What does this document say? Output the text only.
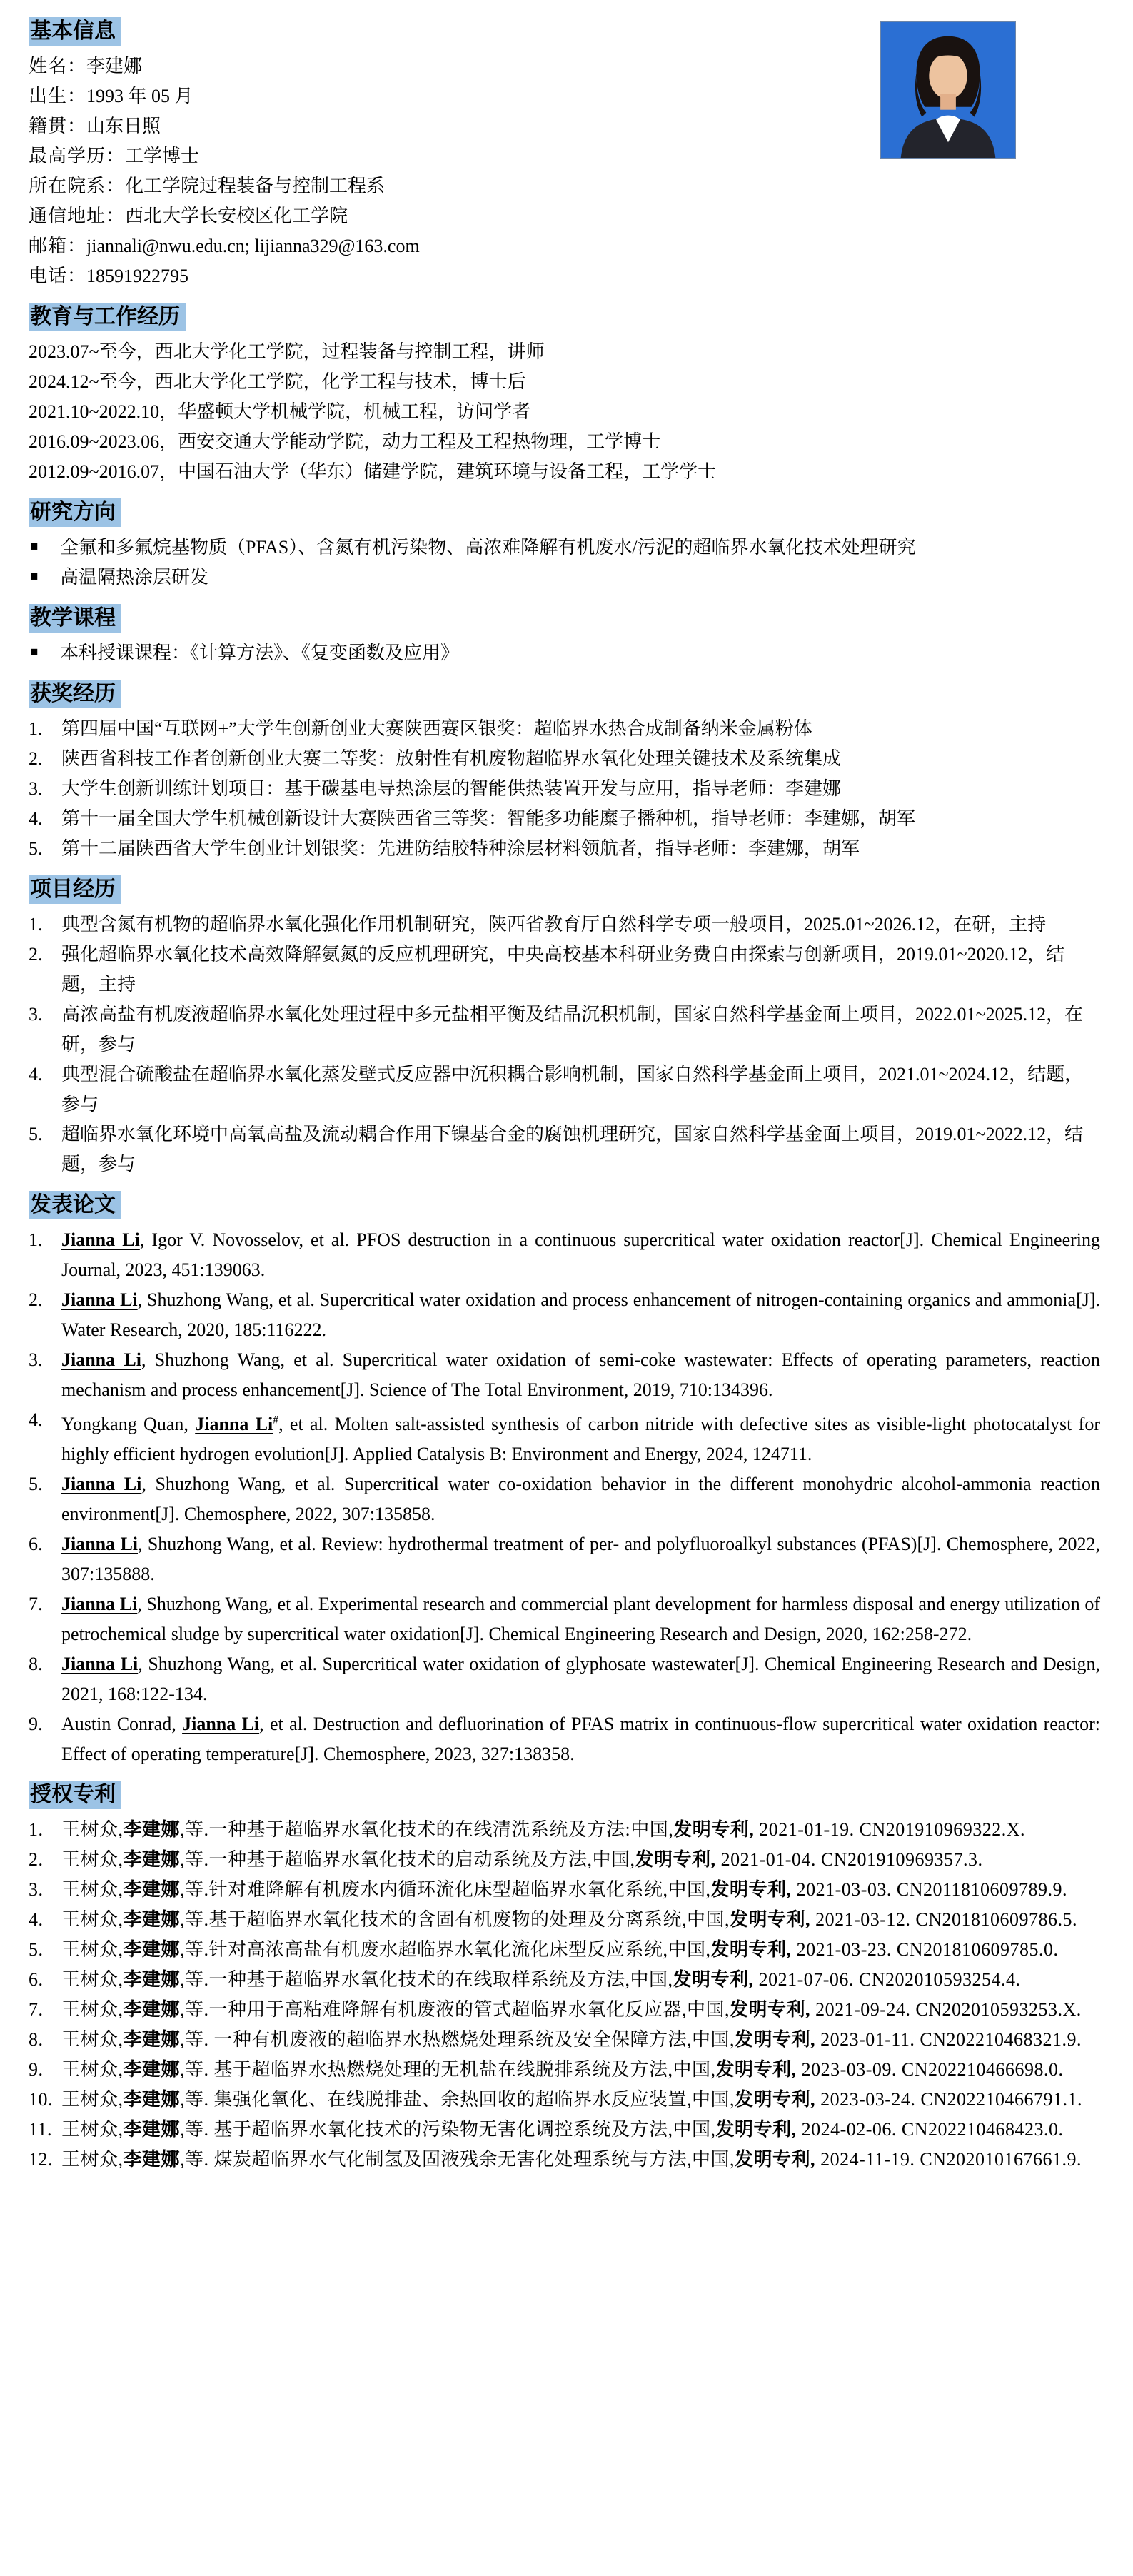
基本信息
姓名：李建娜
出生：1993 年 05 月
籍贯：山东日照
最高学历：工学博士
所在院系：化工学院过程装备与控制工程系
通信地址：西北大学长安校区化工学院
邮箱：jiannali@nwu.edu.cn; lijianna329@163.com
电话：18591922795
教育与工作经历
2023.07~至今，西北大学化工学院，过程装备与控制工程，讲师
2024.12~至今，西北大学化工学院，化学工程与技术，博士后
2021.10~2022.10，华盛顿大学机械学院，机械工程，访问学者
2016.09~2023.06，西安交通大学能动学院，动力工程及工程热物理，工学博士
2012.09~2016.07，中国石油大学（华东）储建学院，建筑环境与设备工程，工学学士
研究方向
■ 全氟和多氟烷基物质（PFAS）、含氮有机污染物、高浓难降解有机废水/污泥的超临界水氧化技术处理研究
■ 高温隔热涂层研发
教学课程
■ 本科授课课程：《计算方法》、《复变函数及应用》
获奖经历
1. 第四届中国“互联网+”大学生创新创业大赛陕西赛区银奖：超临界水热合成制备纳米金属粉体
2. 陕西省科技工作者创新创业大赛二等奖：放射性有机废物超临界水氧化处理关键技术及系统集成
3. 大学生创新训练计划项目：基于碳基电导热涂层的智能供热装置开发与应用，指导老师：李建娜
4. 第十一届全国大学生机械创新设计大赛陕西省三等奖：智能多功能糜子播种机，指导老师：李建娜，胡军
5. 第十二届陕西省大学生创业计划银奖：先进防结胶特种涂层材料领航者，指导老师：李建娜，胡军
项目经历
1. 典型含氮有机物的超临界水氧化强化作用机制研究，陕西省教育厅自然科学专项一般项目，2025.01~2026.12，在研，主持
2. 强化超临界水氧化技术高效降解氨氮的反应机理研究，中央高校基本科研业务费自由探索与创新项目，2019.01~2020.12，结题，主持
3. 高浓高盐有机废液超临界水氧化处理过程中多元盐相平衡及结晶沉积机制，国家自然科学基金面上项目，2022.01~2025.12，在研，参与
4. 典型混合硫酸盐在超临界水氧化蒸发壁式反应器中沉积耦合影响机制，国家自然科学基金面上项目，2021.01~2024.12，结题，参与
5. 超临界水氧化环境中高氧高盐及流动耦合作用下镍基合金的腐蚀机理研究，国家自然科学基金面上项目，2019.01~2022.12，结题，参与
发表论文
1. Jianna Li, Igor V. Novosselov, et al. PFOS destruction in a continuous supercritical water oxidation reactor[J]. Chemical Engineering Journal, 2023, 451:139063.
2. Jianna Li, Shuzhong Wang, et al. Supercritical water oxidation and process enhancement of nitrogen-containing organics and ammonia[J]. Water Research, 2020, 185:116222.
3. Jianna Li, Shuzhong Wang, et al. Supercritical water oxidation of semi-coke wastewater: Effects of operating parameters, reaction mechanism and process enhancement[J]. Science of The Total Environment, 2019, 710:134396.
4. Yongkang Quan, Jianna Li#, et al. Molten salt-assisted synthesis of carbon nitride with defective sites as visible-light photocatalyst for highly efficient hydrogen evolution[J]. Applied Catalysis B: Environment and Energy, 2024, 124711.
5. Jianna Li, Shuzhong Wang, et al. Supercritical water co-oxidation behavior in the different monohydric alcohol-ammonia reaction environment[J]. Chemosphere, 2022, 307:135858.
6. Jianna Li, Shuzhong Wang, et al. Review: hydrothermal treatment of per- and polyfluoroalkyl substances (PFAS)[J]. Chemosphere, 2022, 307:135888.
7. Jianna Li, Shuzhong Wang, et al. Experimental research and commercial plant development for harmless disposal and energy utilization of petrochemical sludge by supercritical water oxidation[J]. Chemical Engineering Research and Design, 2020, 162:258-272.
8. Jianna Li, Shuzhong Wang, et al. Supercritical water oxidation of glyphosate wastewater[J]. Chemical Engineering Research and Design, 2021, 168:122-134.
9. Austin Conrad, Jianna Li, et al. Destruction and defluorination of PFAS matrix in continuous-flow supercritical water oxidation reactor: Effect of operating temperature[J]. Chemosphere, 2023, 327:138358.
授权专利
1. 王树众,李建娜,等.一种基于超临界水氧化技术的在线清洗系统及方法:中国,发明专利, 2021-01-19. CN201910969322.X.
2. 王树众,李建娜,等.一种基于超临界水氧化技术的启动系统及方法,中国,发明专利, 2021-01-04. CN201910969357.3.
3. 王树众,李建娜,等.针对难降解有机废水内循环流化床型超临界水氧化系统,中国,发明专利, 2021-03-03. CN2011810609789.9.
4. 王树众,李建娜,等.基于超临界水氧化技术的含固有机废物的处理及分离系统,中国,发明专利, 2021-03-12. CN201810609786.5.
5. 王树众,李建娜,等.针对高浓高盐有机废水超临界水氧化流化床型反应系统,中国,发明专利, 2021-03-23. CN201810609785.0.
6. 王树众,李建娜,等.一种基于超临界水氧化技术的在线取样系统及方法,中国,发明专利, 2021-07-06. CN202010593254.4.
7. 王树众,李建娜,等.一种用于高粘难降解有机废液的管式超临界水氧化反应器,中国,发明专利, 2021-09-24. CN202010593253.X.
8. 王树众,李建娜,等. 一种有机废液的超临界水热燃烧处理系统及安全保障方法,中国,发明专利, 2023-01-11. CN202210468321.9.
9. 王树众,李建娜,等. 基于超临界水热燃烧处理的无机盐在线脱排系统及方法,中国,发明专利, 2023-03-09. CN202210466698.0.
10. 王树众,李建娜,等. 集强化氧化、在线脱排盐、余热回收的超临界水反应装置,中国,发明专利, 2023-03-24. CN202210466791.1.
11. 王树众,李建娜,等. 基于超临界水氧化技术的污染物无害化调控系统及方法,中国,发明专利, 2024-02-06. CN202210468423.0.
12. 王树众,李建娜,等. 煤炭超临界水气化制氢及固液残余无害化处理系统与方法,中国,发明专利, 2024-11-19. CN202010167661.9.
